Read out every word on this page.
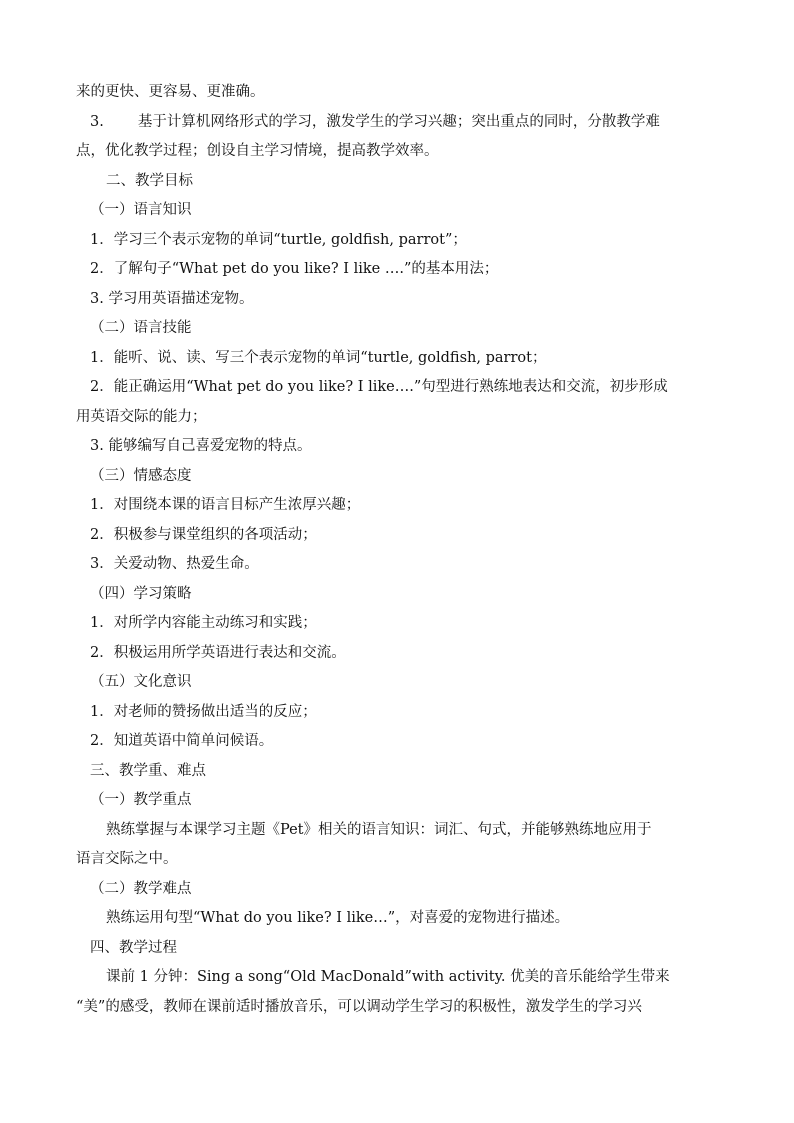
来的更快、更容易、更准确。

3. 基于计算机网络形式的学习，激发学生的学习兴趣；突出重点的同时，分散教学难

点，优化教学过程；创设自主学习情境，提高教学效率。

二、教学目标

（一）语言知识

1．学习三个表示宠物的单词“turtle, goldfish, parrot”；

2．了解句子“What pet do you like? I like ….”的基本用法；

3. 学习用英语描述宠物。

（二）语言技能

1．能听、说、读、写三个表示宠物的单词“turtle, goldfish, parrot；

2．能正确运用“What pet do you like? I like….”句型进行熟练地表达和交流，初步形成

用英语交际的能力；

3. 能够编写自己喜爱宠物的特点。

（三）情感态度

1．对围绕本课的语言目标产生浓厚兴趣；

2．积极参与课堂组织的各项活动；

3．关爱动物、热爱生命。

（四）学习策略

1．对所学内容能主动练习和实践；

2．积极运用所学英语进行表达和交流。

（五）文化意识

1．对老师的赞扬做出适当的反应；

2．知道英语中简单问候语。

三、教学重、难点

（一）教学重点

熟练掌握与本课学习主题《Pet》相关的语言知识：词汇、句式，并能够熟练地应用于

语言交际之中。

（二）教学难点

熟练运用句型“What do you like? I like…”，对喜爱的宠物进行描述。

四、教学过程

课前 1 分钟：Sing a song“Old MacDonald”with activity. 优美的音乐能给学生带来

“美”的感受，教师在课前适时播放音乐，可以调动学生学习的积极性，激发学生的学习兴
